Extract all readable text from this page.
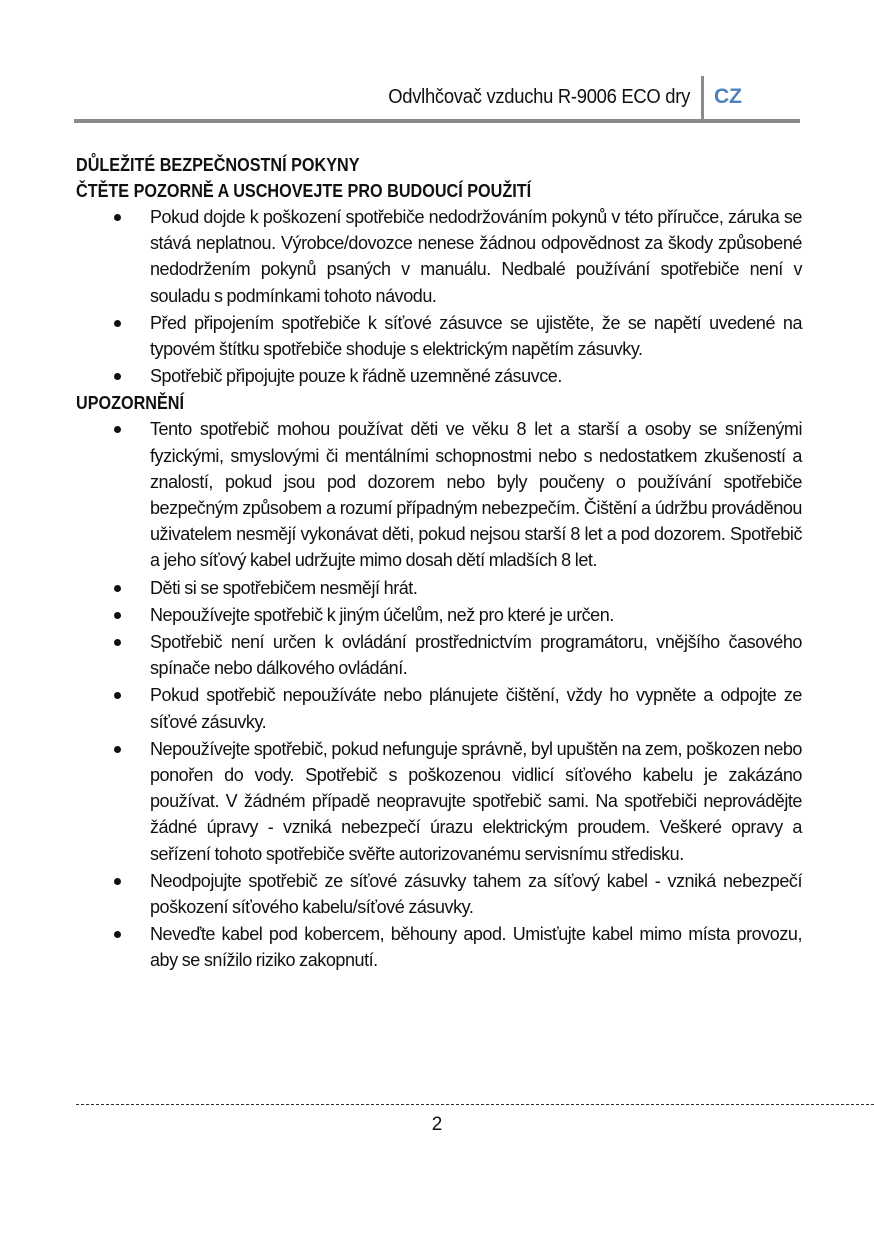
Odvlhčovač vzduchu R-9006 ECO dry CZ
DŮLEŽITÉ BEZPEČNOSTNÍ POKYNY
ČTĚTE POZORNĚ A USCHOVEJTE PRO BUDOUCÍ POUŽITÍ
Pokud dojde k poškození spotřebiče nedodržováním pokynů v této příručce, záruka se stává neplatnou. Výrobce/dovozce nenese žádnou odpovědnost za škody způsobené nedodržením pokynů psaných v manuálu. Nedbalé používání spotřebiče není v souladu s podmínkami tohoto návodu.
Před připojením spotřebiče k síťové zásuvce se ujistěte, že se napětí uvedené na typovém štítku spotřebiče shoduje s elektrickým napětím zásuvky.
Spotřebič připojujte pouze k řádně uzemněné zásuvce.
UPOZORNĚNÍ
Tento spotřebič mohou používat děti ve věku 8 let a starší a osoby se sníženými fyzickými, smyslovými či mentálními schopnostmi nebo s nedostatkem zkušeností a znalostí, pokud jsou pod dozorem nebo byly poučeny o používání spotřebiče bezpečným způsobem a rozumí případným nebezpečím. Čištění a údržbu prováděnou uživatelem nesmějí vykonávat děti, pokud nejsou starší 8 let a pod dozorem. Spotřebič a jeho síťový kabel udržujte mimo dosah dětí mladších 8 let.
Děti si se spotřebičem nesmějí hrát.
Nepoužívejte spotřebič k jiným účelům, než pro které je určen.
Spotřebič není určen k ovládání prostřednictvím programátoru, vnějšího časového spínače nebo dálkového ovládání.
Pokud spotřebič nepoužíváte nebo plánujete čištění, vždy ho vypněte a odpojte ze síťové zásuvky.
Nepoužívejte spotřebič, pokud nefunguje správně, byl upuštěn na zem, poškozen nebo ponořen do vody. Spotřebič s poškozenou vidlicí síťového kabelu je zakázáno používat. V žádném případě neopravujte spotřebič sami. Na spotřebiči neprovádějte žádné úpravy - vzniká nebezpečí úrazu elektrickým proudem. Veškeré opravy a seřízení tohoto spotřebiče svěřte autorizovanému servisnímu středisku.
Neodpojujte spotřebič ze síťové zásuvky tahem za síťový kabel - vzniká nebezpečí poškození síťového kabelu/síťové zásuvky.
Neveďte kabel pod kobercem, běhouny apod. Umisťujte kabel mimo místa provozu, aby se snížilo riziko zakopnutí.
2
